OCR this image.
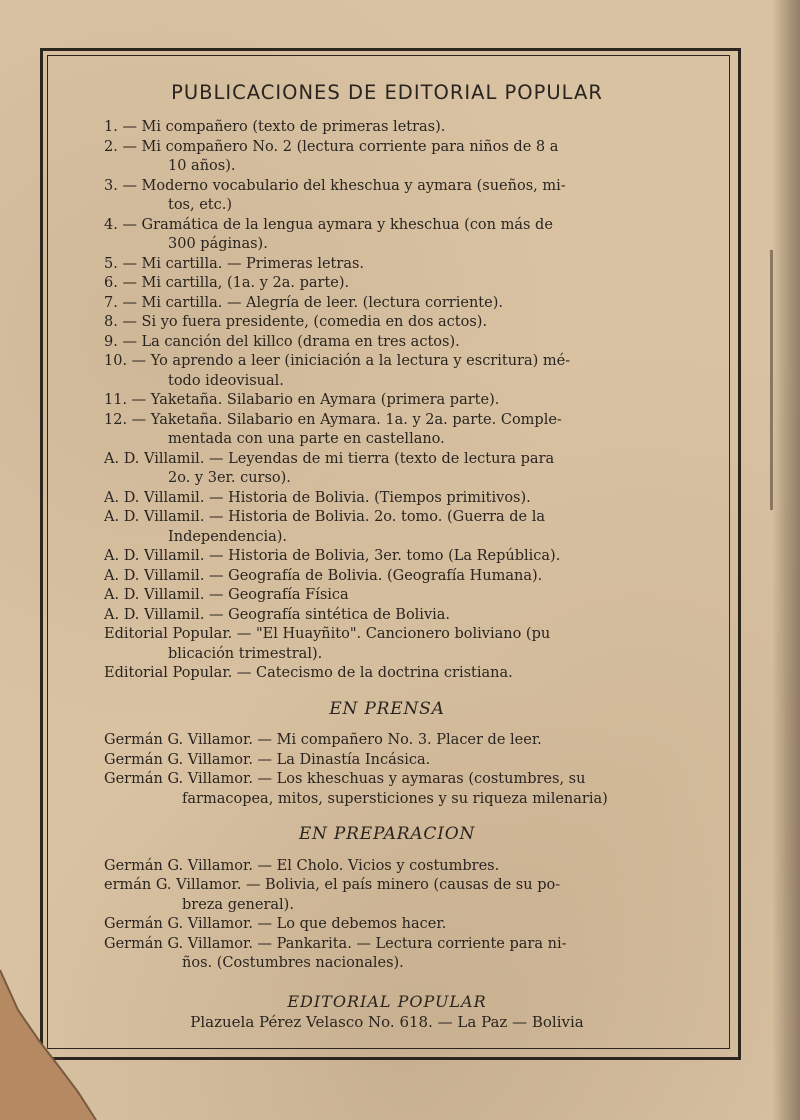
PUBLICACIONES DE EDITORIAL POPULAR
1. — Mi compañero (texto de primeras letras).
2. — Mi compañero No. 2 (lectura corriente para niños de 8 a
10 años).
3. — Moderno vocabulario del kheschua y aymara (sueños, mi-
tos, etc.)
4. — Gramática de la lengua aymara y kheschua (con más de
300 páginas).
5. — Mi cartilla. — Primeras letras.
6. — Mi cartilla, (1a. y 2a. parte).
7. — Mi cartilla. — Alegría de leer. (lectura corriente).
8. — Si yo fuera presidente, (comedia en dos actos).
9. — La canción del killco (drama en tres actos).
10. — Yo aprendo a leer (iniciación a la lectura y escritura) mé-
todo ideovisual.
11. — Yaketaña. Silabario en Aymara (primera parte).
12. — Yaketaña. Silabario en Aymara. 1a. y 2a. parte. Comple-
mentada con una parte en castellano.
A. D. Villamil. — Leyendas de mi tierra (texto de lectura para
2o. y 3er. curso).
A. D. Villamil. — Historia de Bolivia. (Tiempos primitivos).
A. D. Villamil. — Historia de Bolivia. 2o. tomo. (Guerra de la
Independencia).
A. D. Villamil. — Historia de Bolivia, 3er. tomo (La República).
A. D. Villamil. — Geografía de Bolivia. (Geografía Humana).
A. D. Villamil. — Geografía Física
A. D. Villamil. — Geografía sintética de Bolivia.
Editorial Popular. — "El Huayñito". Cancionero boliviano (pu
blicación trimestral).
Editorial Popular. — Catecismo de la doctrina cristiana.
EN PRENSA
Germán G. Villamor. — Mi compañero No. 3. Placer de leer.
Germán G. Villamor. — La Dinastía Incásica.
Germán G. Villamor. — Los kheschuas y aymaras (costumbres, su
farmacopea, mitos, supersticiones y su riqueza milenaria)
EN PREPARACION
Germán G. Villamor. — El Cholo. Vicios y costumbres.
ermán G. Villamor. — Bolivia, el país minero (causas de su po-
breza general).
Germán G. Villamor. — Lo que debemos hacer.
Germán G. Villamor. — Pankarita. — Lectura corriente para ni-
ños. (Costumbres nacionales).
EDITORIAL POPULAR
Plazuela Pérez Velasco No. 618. — La Paz — Bolivia
